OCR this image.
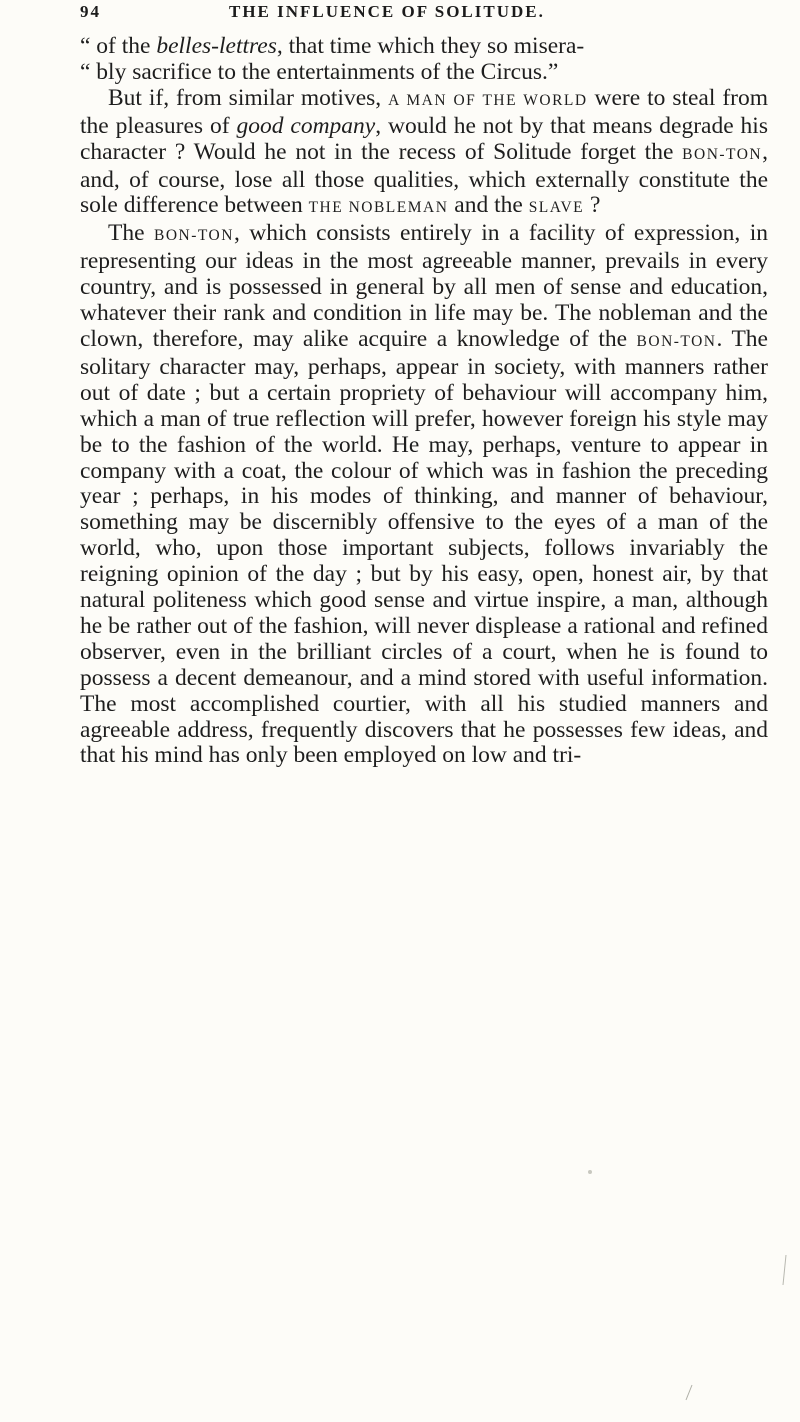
94	THE INFLUENCE OF SOLITUDE.

“ of the belles-lettres, that time which they so misera-
“ bly sacrifice to the entertainments of the Circus.”

But if, from similar motives, A MAN OF THE WORLD were to steal from the pleasures of good company, would he not by that means degrade his character ? Would he not in the recess of Solitude forget the BON-TON, and, of course, lose all those qualities, which externally constitute the sole difference between THE NOBLEMAN and the SLAVE ?

The BON-TON, which consists entirely in a facility of expression, in representing our ideas in the most agreeable manner, prevails in every country, and is possessed in general by all men of sense and education, whatever their rank and condition in life may be. The nobleman and the clown, therefore, may alike acquire a knowledge of the BON-TON. The solitary character may, perhaps, appear in society, with manners rather out of date ; but a certain propriety of behaviour will accompany him, which a man of true reflection will prefer, however foreign his style may be to the fashion of the world. He may, perhaps, venture to appear in company with a coat, the colour of which was in fashion the preceding year ; perhaps, in his modes of thinking, and manner of behaviour, something may be discernibly offensive to the eyes of a man of the world, who, upon those important subjects, follows invariably the reigning opinion of the day ; but by his easy, open, honest air, by that natural politeness which good sense and virtue inspire, a man, although he be rather out of the fashion, will never displease a rational and refined observer, even in the brilliant circles of a court, when he is found to possess a decent demeanour, and a mind stored with useful information. The most accomplished courtier, with all his studied manners and agreeable address, frequently discovers that he possesses few ideas, and that his mind has only been employed on low and tri-
